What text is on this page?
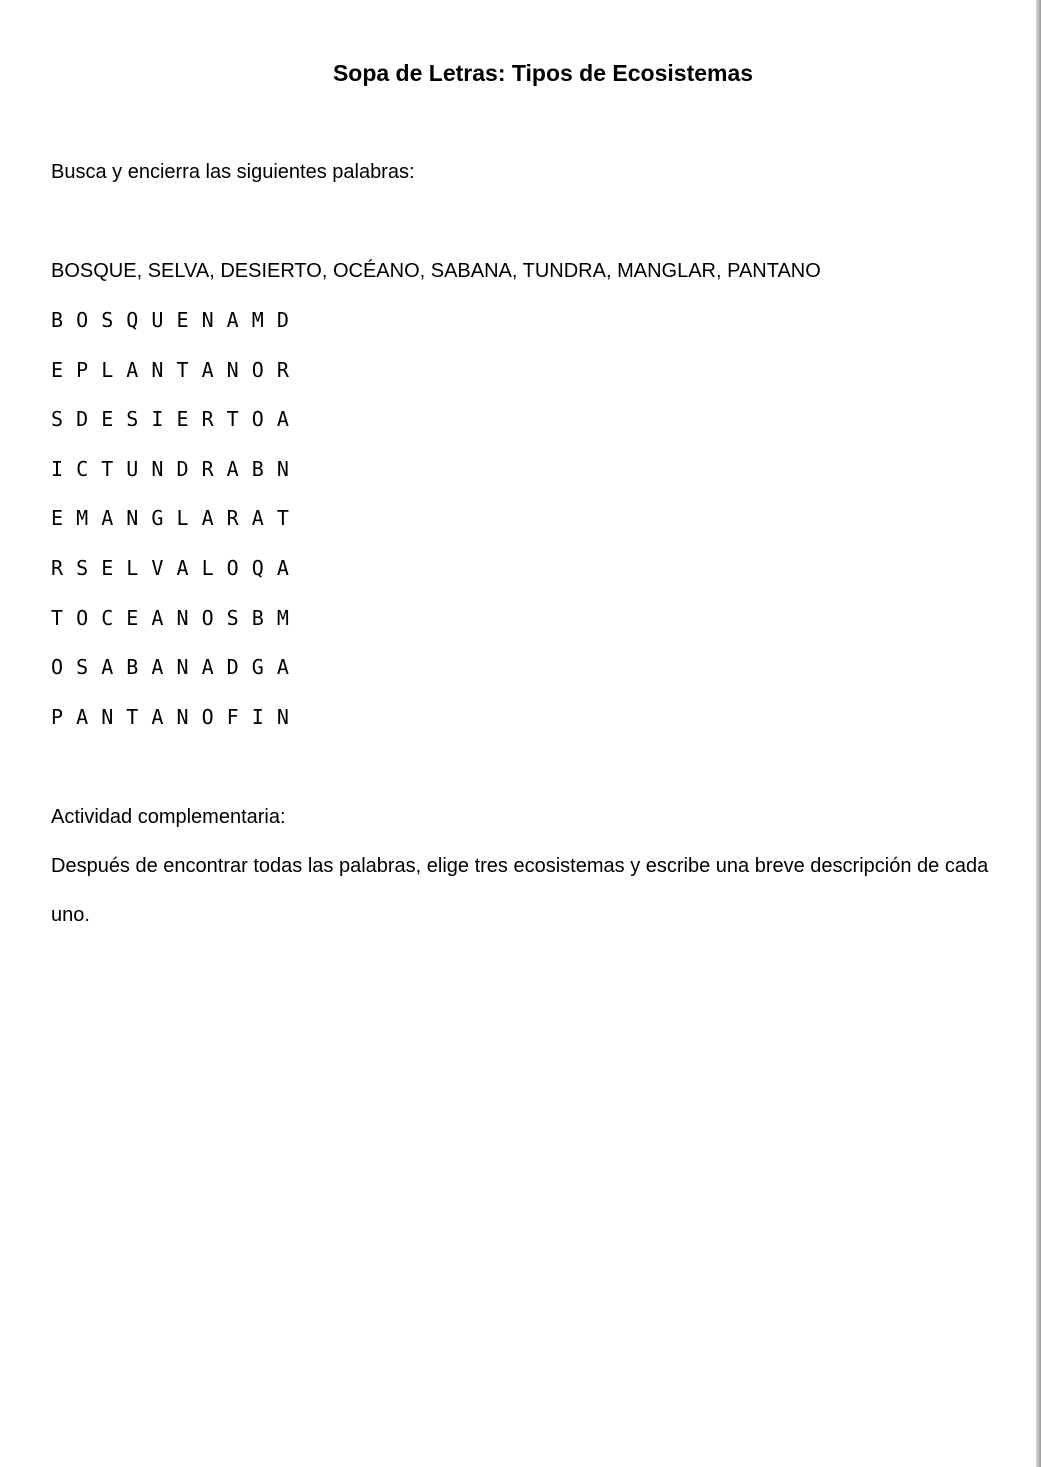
Sopa de Letras: Tipos de Ecosistemas

Busca y encierra las siguientes palabras:

BOSQUE, SELVA, DESIERTO, OCÉANO, SABANA, TUNDRA, MANGLAR, PANTANO

B O S Q U E N A M D
E P L A N T A N O R
S D E S I E R T O A
I C T U N D R A B N
E M A N G L A R A T
R S E L V A L O Q A
T O C E A N O S B M
O S A B A N A D G A
P A N T A N O F I N

Actividad complementaria:

Después de encontrar todas las palabras, elige tres ecosistemas y escribe una breve descripción de cada uno.
